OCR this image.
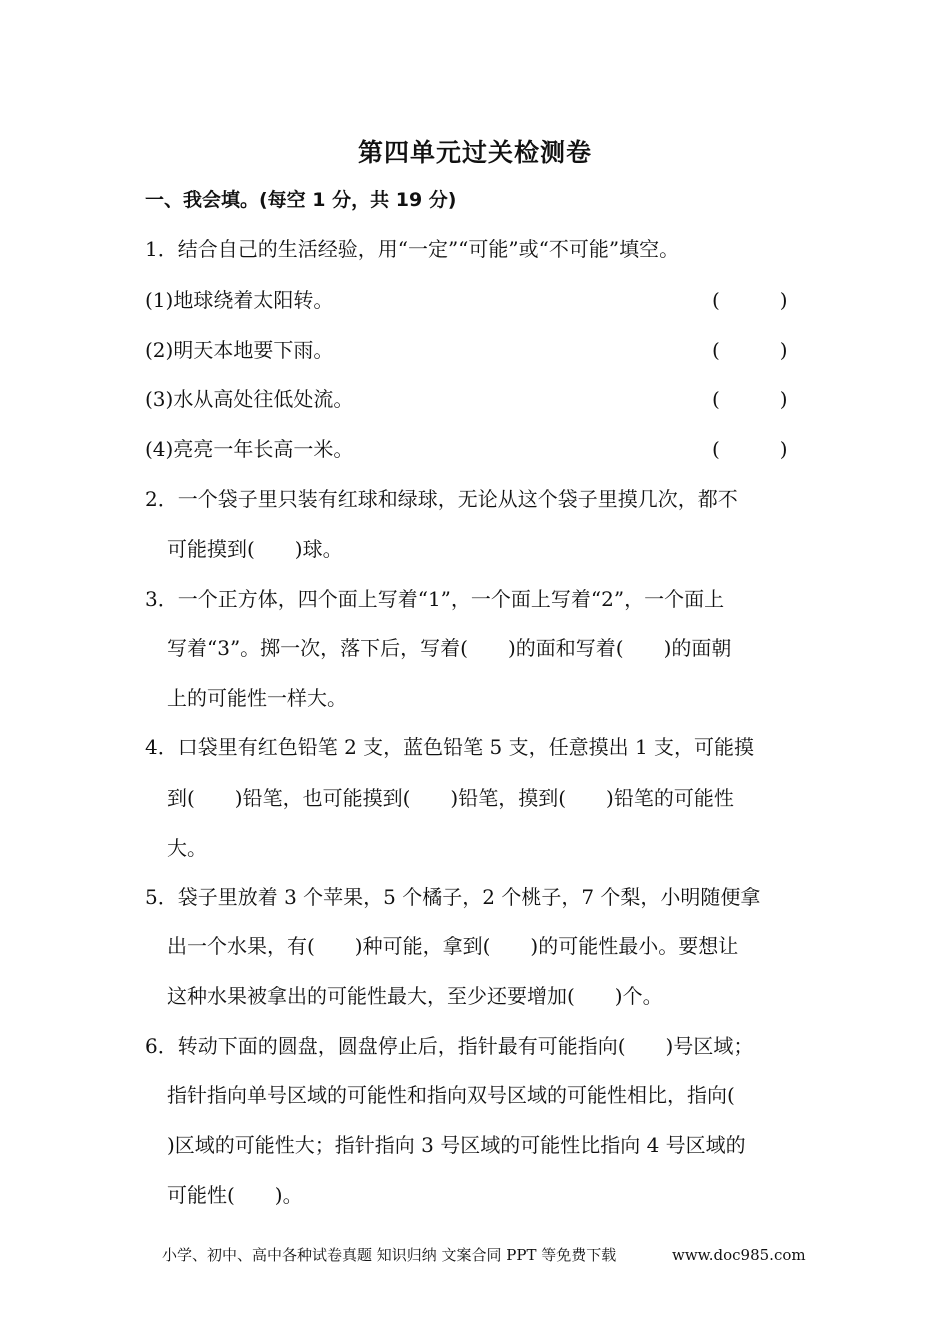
第四单元过关检测卷
一、我会填。(每空 1 分，共 19 分)
1．结合自己的生活经验，用“一定”“可能”或“不可能”填空。
(1)地球绕着太阳转。	(　　　)
(2)明天本地要下雨。	(　　　)
(3)水从高处往低处流。	(　　　)
(4)亮亮一年长高一米。	(　　　)
2．一个袋子里只装有红球和绿球，无论从这个袋子里摸几次，都不
可能摸到(　　)球。
3．一个正方体，四个面上写着“1”，一个面上写着“2”，一个面上
写着“3”。掷一次，落下后，写着(　　)的面和写着(　　)的面朝
上的可能性一样大。
4．口袋里有红色铅笔 2 支，蓝色铅笔 5 支，任意摸出 1 支，可能摸
到(　　)铅笔，也可能摸到(　　)铅笔，摸到(　　)铅笔的可能性
大。
5．袋子里放着 3 个苹果，5 个橘子，2 个桃子，7 个梨，小明随便拿
出一个水果，有(　　)种可能，拿到(　　)的可能性最小。要想让
这种水果被拿出的可能性最大，至少还要增加(　　)个。
6．转动下面的圆盘，圆盘停止后，指针最有可能指向(　　)号区域；
指针指向单号区域的可能性和指向双号区域的可能性相比，指向(
)区域的可能性大；指针指向 3 号区域的可能性比指向 4 号区域的
可能性(　　)。
小学、初中、高中各种试卷真题 知识归纳 文案合同 PPT 等免费下载	www.doc985.com
